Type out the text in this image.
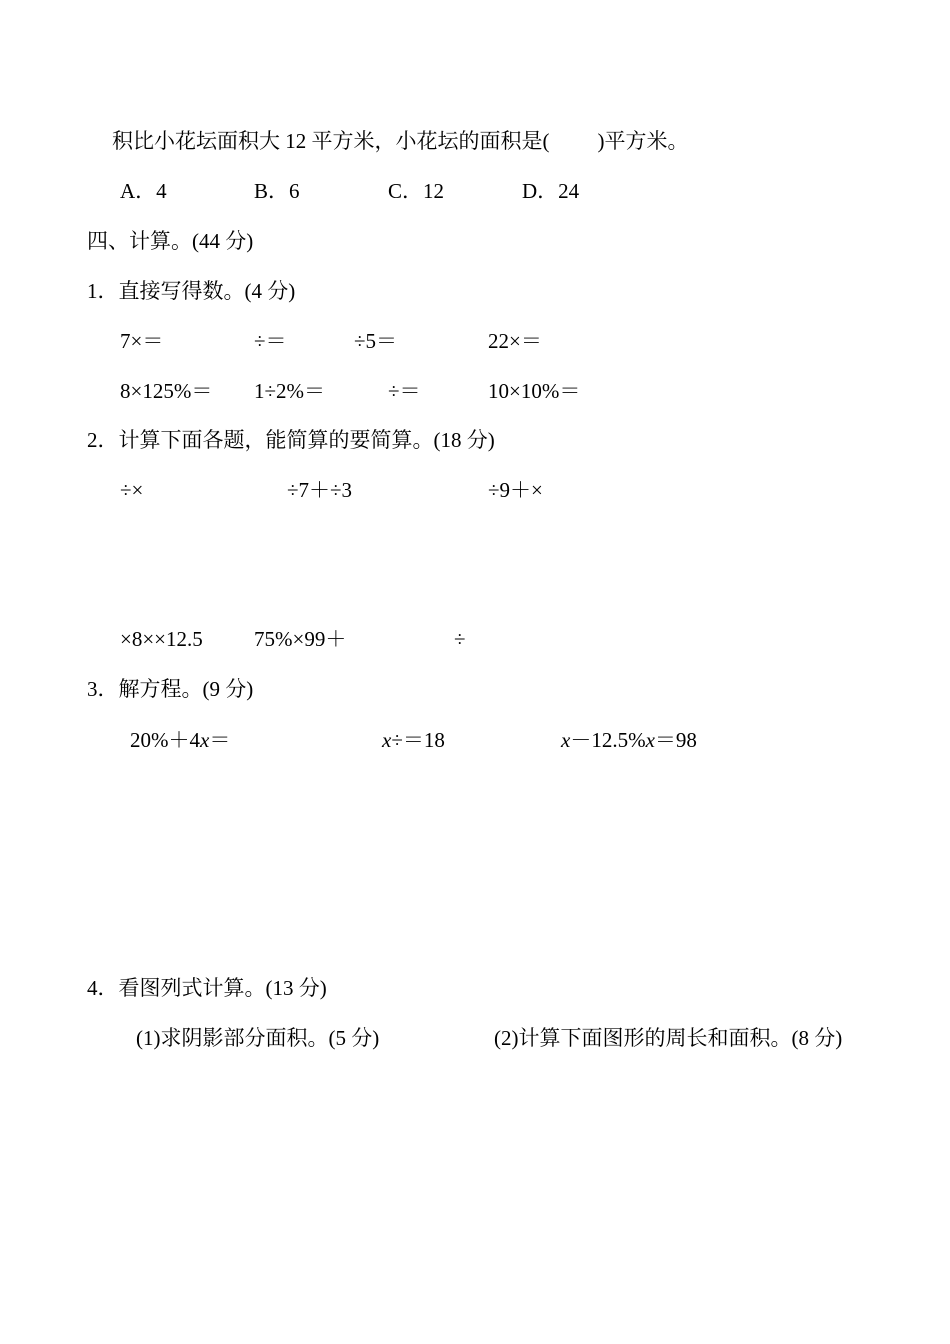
积比小花坛面积大 12 平方米，小花坛的面积是( )平方米。
A．4	B．6	C．12	D．24
四、计算。(44 分)
1．直接写得数。(4 分)
7×＝	÷＝	÷5＝	22×＝
8×125%＝ 1÷2%＝	÷＝	10×10%＝
2．计算下面各题，能简算的要简算。(18 分)
÷×	÷7＋÷3	÷9＋×
×8××12.5 75%×99＋	÷
3．解方程。(9 分)
20%＋4x＝	x÷＝18	x－12.5%x＝98
4．看图列式计算。(13 分)
(1)求阴影部分面积。(5 分)	(2)计算下面图形的周长和面积。(8 分)
